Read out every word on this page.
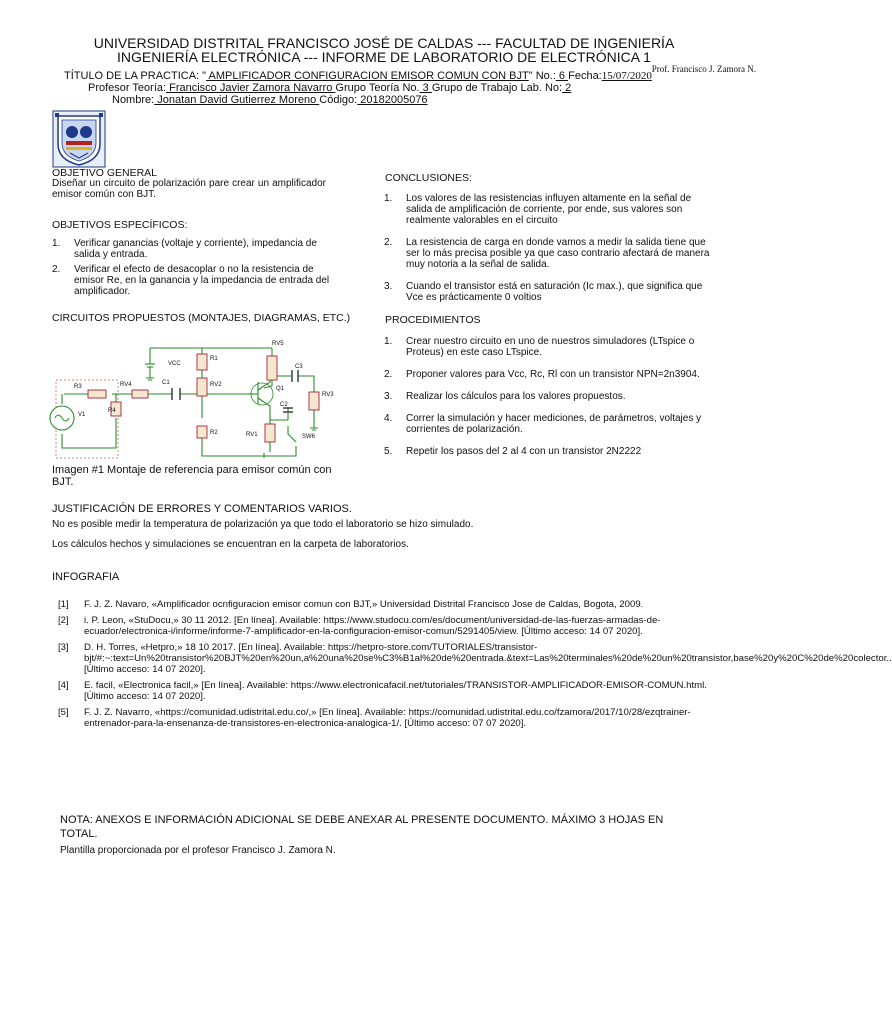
UNIVERSIDAD DISTRITAL FRANCISCO JOSÉ DE CALDAS --- FACULTAD DE INGENIERÍA
INGENIERÍA ELECTRÓNICA --- INFORME DE LABORATORIO DE ELECTRÓNICA 1
Prof. Francisco J. Zamora N.
TÍTULO DE LA PRACTICA: " AMPLIFICADOR CONFIGURACION EMISOR COMUN CON BJT" No.: 6 Fecha:15/07/2020
Profesor Teoría: Francisco Javier Zamora Navarro Grupo Teoría No. 3 Grupo de Trabajo Lab. No: 2
Nombre: Jonatan David Gutierrez Moreno Código: 20182005076
OBJETIVO GENERAL
Diseñar un circuito de polarización pare crear un amplificador emisor común con BJT.
OBJETIVOS ESPECÍFICOS:
1. Verificar ganancias (voltaje y corriente), impedancia de salida y entrada.
2. Verificar el efecto de desacoplar o no la resistencia de emisor Re, en la ganancia y la impedancia de entrada del amplificador.
CIRCUITOS PROPUESTOS (MONTAJES, DIAGRAMAS, ETC.)
RV5
VCC
R1
RV2
C3
R3	RV4	C1
Q1
RV3
V1
R4
C2
R2	RV1	SW6
Imagen #1 Montaje de referencia para emisor común con BJT.
CONCLUSIONES:
1. Los valores de las resistencias influyen altamente en la señal de salida de amplificación de corriente, por ende, sus valores son realmente valorables en el circuito
2. La resistencia de carga en donde vamos a medir la salida tiene que ser lo más precisa posible ya que caso contrario afectará de manera muy notoria a la señal de salida.
3. Cuando el transistor está en saturación (Ic max.), que significa que Vce es prácticamente 0 voltios
PROCEDIMIENTOS
1. Crear nuestro circuito en uno de nuestros simuladores (LTspice o Proteus) en este caso LTspice.
2. Proponer valores para Vcc, Rc, Rl con un transistor NPN=2n3904.
3. Realizar los cálculos para los valores propuestos.
4. Correr la simulación y hacer mediciones, de parámetros, voltajes y corrientes de polarización.
5. Repetir los pasos del 2 al 4 con un transistor 2N2222
JUSTIFICACIÓN DE ERRORES Y COMENTARIOS VARIOS.
No es posible medir la temperatura de polarización ya que todo el laboratorio se hizo simulado.
Los cálculos hechos y simulaciones se encuentran en la carpeta de laboratorios.
INFOGRAFIA
[1] F. J. Z. Navaro, «Amplificador ocnfiguracion emisor comun con BJT,» Universidad Distrital Francisco Jose de Caldas, Bogota, 2009.
[2] i. P. Leon, «StuDocu,» 30 11 2012. [En línea]. Available: https://www.studocu.com/es/document/universidad-de-las-fuerzas-armadas-de-ecuador/electronica-i/informe/informe-7-amplificador-en-la-configuracion-emisor-comun/5291405/view. [Último acceso: 14 07 2020].
[3] D. H. Torres, «Hetpro,» 18 10 2017. [En línea]. Available: https://hetpro-store.com/TUTORIALES/transistor-bjt/#:~:text=Un%20transistor%20BJT%20en%20un,a%20una%20se%C3%B1al%20de%20entrada.&text=Las%20terminales%20de%20un%20transistor,base%20y%20C%20de%20colector.. [Último acceso: 14 07 2020].
[4] E. facil, «Electronica facil,» [En línea]. Available: https://www.electronicafacil.net/tutoriales/TRANSISTOR-AMPLIFICADOR-EMISOR-COMUN.html. [Último acceso: 14 07 2020].
[5] F. J. Z. Navarro, «https://comunidad.udistrital.edu.co/,» [En línea]. Available: https://comunidad.udistrital.edu.co/fzamora/2017/10/28/ezqtrainer-entrenador-para-la-ensenanza-de-transistores-en-electronica-analogica-1/. [Último acceso: 07 07 2020].
NOTA: ANEXOS E INFORMACIÓN ADICIONAL SE DEBE ANEXAR AL PRESENTE DOCUMENTO. MÁXIMO 3 HOJAS EN TOTAL.
Plantilla proporcionada por el profesor Francisco J. Zamora N.
